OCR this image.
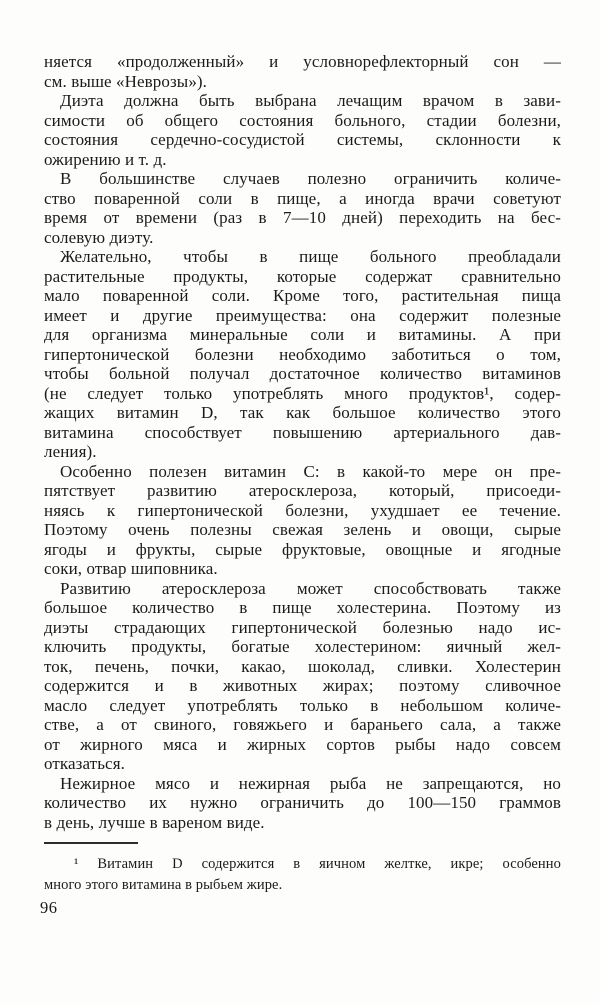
няется «продолженный» и условнорефлекторный сон —
см. выше «Неврозы»).
Диэта должна быть выбрана лечащим врачом в зави-
симости об общего состояния больного, стадии болезни,
состояния сердечно-сосудистой системы, склонности к
ожирению и т. д.
В большинстве случаев полезно ограничить количе-
ство поваренной соли в пище, а иногда врачи советуют
время от времени (раз в 7—10 дней) переходить на бес-
солевую диэту.
Желательно, чтобы в пище больного преобладали
растительные продукты, которые содержат сравнительно
мало поваренной соли. Кроме того, растительная пища
имеет и другие преимущества: она содержит полезные
для организма минеральные соли и витамины. А при
гипертонической болезни необходимо заботиться о том,
чтобы больной получал достаточное количество витаминов
(не следует только употреблять много продуктов¹, содер-
жащих витамин D, так как большое количество этого
витамина способствует повышению артериального дав-
ления).
Особенно полезен витамин С: в какой-то мере он пре-
пятствует развитию атеросклероза, который, присоеди-
няясь к гипертонической болезни, ухудшает ее течение.
Поэтому очень полезны свежая зелень и овощи, сырые
ягоды и фрукты, сырые фруктовые, овощные и ягодные
соки, отвар шиповника.
Развитию атеросклероза может способствовать также
большое количество в пище холестерина. Поэтому из
диэты страдающих гипертонической болезнью надо ис-
ключить продукты, богатые холестерином: яичный жел-
ток, печень, почки, какао, шоколад, сливки. Холестерин
содержится и в животных жирах; поэтому сливочное
масло следует употреблять только в небольшом количе-
стве, а от свиного, говяжьего и бараньего сала, а также
от жирного мяса и жирных сортов рыбы надо совсем
отказаться.
Нежирное мясо и нежирная рыба не запрещаются, но
количество их нужно ограничить до 100—150 граммов
в день, лучше в вареном виде.
¹ Витамин D содержится в яичном желтке, икре; особенно
много этого витамина в рыбьем жире.
96
